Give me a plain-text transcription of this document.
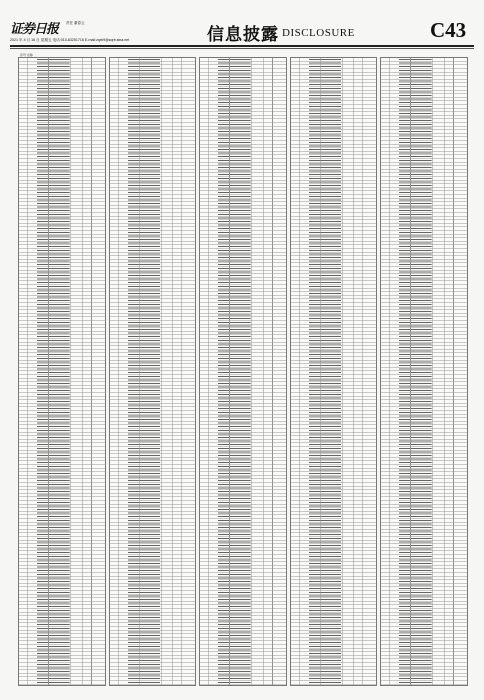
证券日报 责任 董春云
2021 年 4 月 16 日 星期五 电话:010-83251716 E-mail:zqrb9@zqrb.sina.net	信息披露 DISCLOSURE	C43
序号 名称
